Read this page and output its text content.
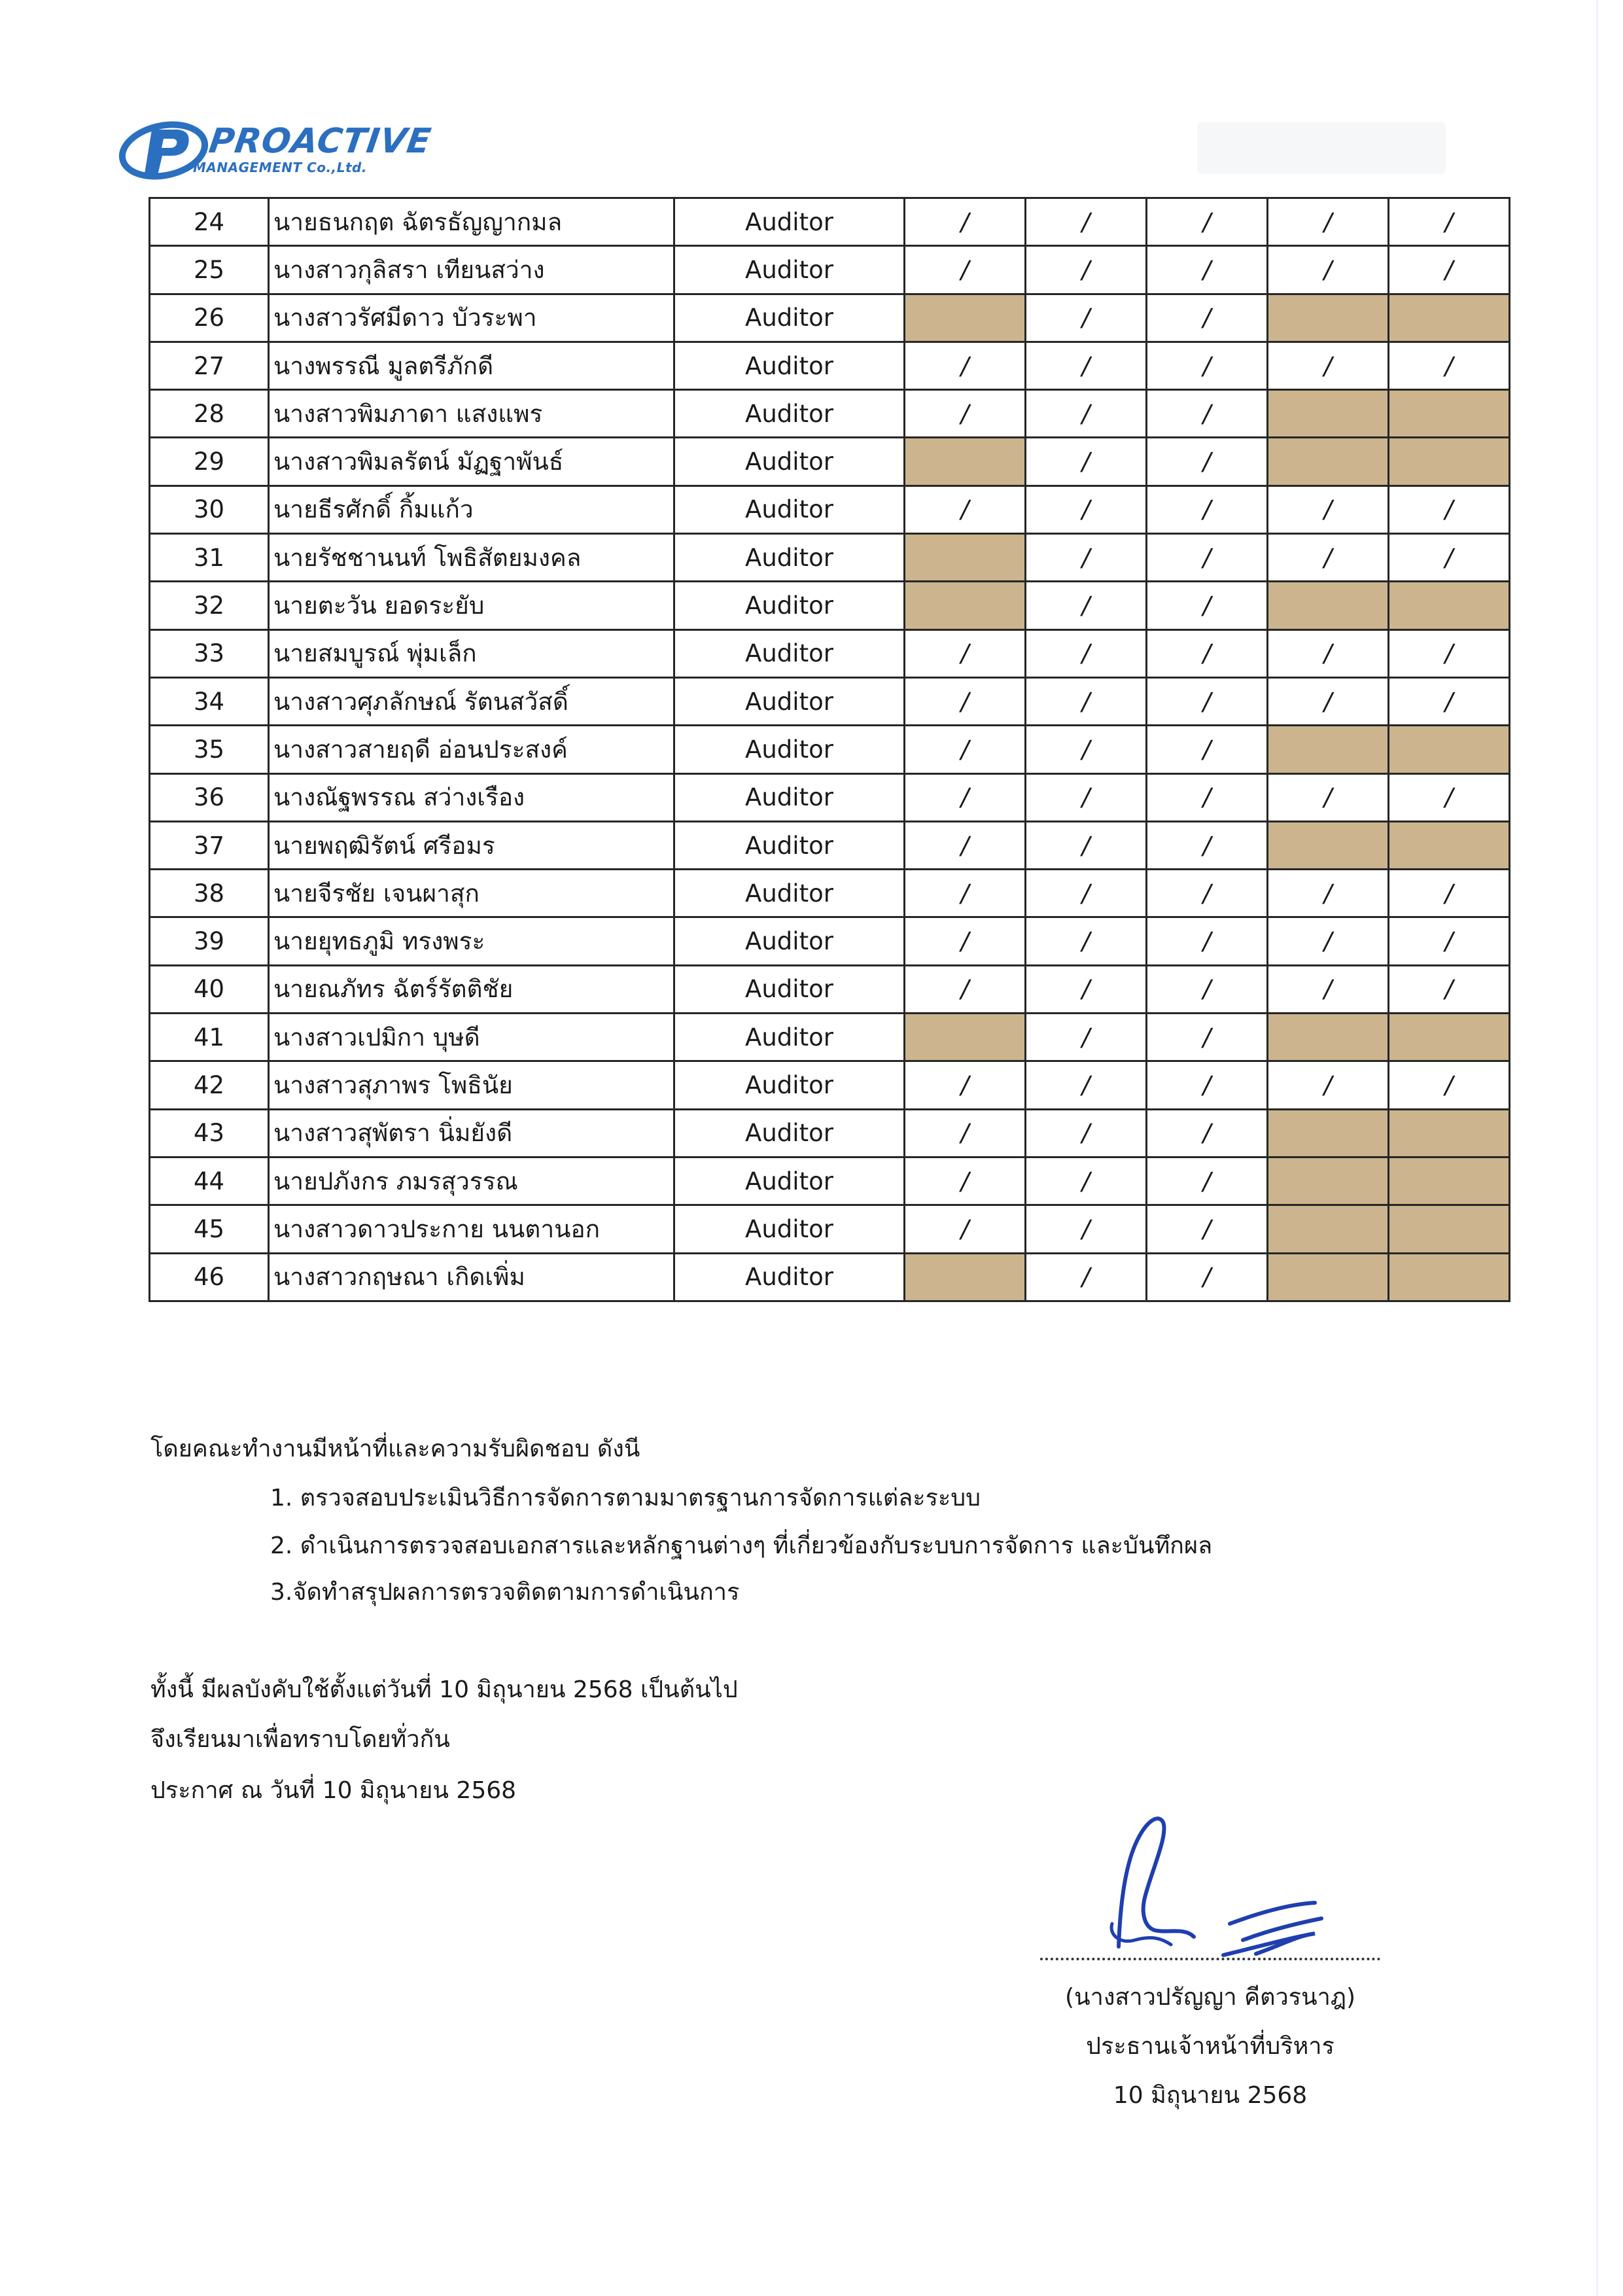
PROACTIVE
MANAGEMENT Co.,Ltd.
24	นายธนกฤต ฉัตรธัญญากมล	Auditor	/	/	/	/	/
25	นางสาวกุลิสรา เทียนสว่าง	Auditor	/	/	/	/	/
26	นางสาวรัศมีดาว บัวระพา	Auditor		/	/		
27	นางพรรณี มูลตรีภักดี	Auditor	/	/	/	/	/
28	นางสาวพิมภาดา แสงแพร	Auditor	/	/	/		
29	นางสาวพิมลรัตน์ มัฏฐาพันธ์	Auditor		/	/		
30	นายธีรศักดิ์ กิ้มแก้ว	Auditor	/	/	/	/	/
31	นายรัชชานนท์ โพธิสัตยมงคล	Auditor		/	/	/	/
32	นายตะวัน ยอดระยับ	Auditor		/	/		
33	นายสมบูรณ์ พุ่มเล็ก	Auditor	/	/	/	/	/
34	นางสาวศุภลักษณ์ รัตนสวัสดิ์	Auditor	/	/	/	/	/
35	นางสาวสายฤดี อ่อนประสงค์	Auditor	/	/	/		
36	นางณัฐพรรณ สว่างเรือง	Auditor	/	/	/	/	/
37	นายพฤฒิรัตน์ ศรีอมร	Auditor	/	/	/		
38	นายจีรชัย เจนผาสุก	Auditor	/	/	/	/	/
39	นายยุทธภูมิ ทรงพระ	Auditor	/	/	/	/	/
40	นายณภัทร ฉัตร์รัตติชัย	Auditor	/	/	/	/	/
41	นางสาวเปมิกา บุษดี	Auditor		/	/		
42	นางสาวสุภาพร โพธินัย	Auditor	/	/	/	/	/
43	นางสาวสุพัตรา นิ่มยังดี	Auditor	/	/	/		
44	นายปภังกร ภมรสุวรรณ	Auditor	/	/	/		
45	นางสาวดาวประกาย นนตานอก	Auditor	/	/	/		
46	นางสาวกฤษณา เกิดเพิ่ม	Auditor		/	/		
โดยคณะทำงานมีหน้าที่และความรับผิดชอบ ดังนี
1. ตรวจสอบประเมินวิธีการจัดการตามมาตรฐานการจัดการแต่ละระบบ
2. ดำเนินการตรวจสอบเอกสารและหลักฐานต่างๆ ที่เกี่ยวข้องกับระบบการจัดการ และบันทึกผล
3.จัดทำสรุปผลการตรวจติดตามการดำเนินการ
ทั้งนี้ มีผลบังคับใช้ตั้งแต่วันที่ 10 มิถุนายน 2568 เป็นต้นไป
จึงเรียนมาเพื่อทราบโดยทั่วกัน
ประกาศ ณ วันที่ 10 มิถุนายน 2568
(นางสาวปรัญญา คีตวรนาฎ)
ประธานเจ้าหน้าที่บริหาร
10 มิถุนายน 2568
